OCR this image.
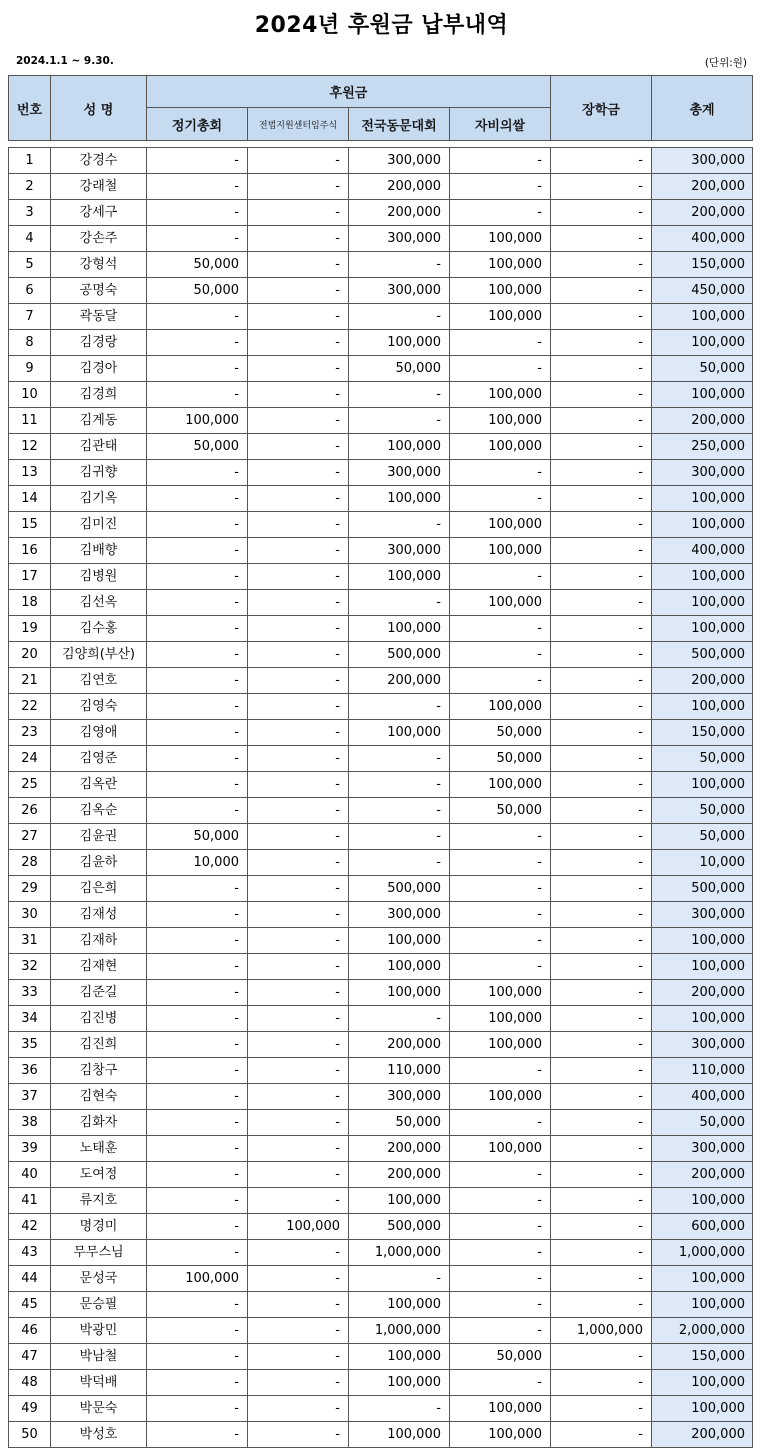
2024년 후원금 납부내역
2024.1.1 ~ 9.30.	(단위:원)
번호	성 명	후원금				장학금	총계
		정기총회	전법지원센터임주식	전국동문대회	자비의쌀		

1	강경수	-	-	300,000	-	-	300,000
2	강래철	-	-	200,000	-	-	200,000
3	강세구	-	-	200,000	-	-	200,000
4	강손주	-	-	300,000	100,000	-	400,000
5	강형석	50,000	-	-	100,000	-	150,000
6	공명숙	50,000	-	300,000	100,000	-	450,000
7	곽동달	-	-	-	100,000	-	100,000
8	김경랑	-	-	100,000	-	-	100,000
9	김경아	-	-	50,000	-	-	50,000
10	김경희	-	-	-	100,000	-	100,000
11	김계동	100,000	-	-	100,000	-	200,000
12	김관태	50,000	-	100,000	100,000	-	250,000
13	김귀향	-	-	300,000	-	-	300,000
14	김기옥	-	-	100,000	-	-	100,000
15	김미진	-	-	-	100,000	-	100,000
16	김배향	-	-	300,000	100,000	-	400,000
17	김병원	-	-	100,000	-	-	100,000
18	김선옥	-	-	-	100,000	-	100,000
19	김수홍	-	-	100,000	-	-	100,000
20	김양희(부산)	-	-	500,000	-	-	500,000
21	김연호	-	-	200,000	-	-	200,000
22	김영숙	-	-	-	100,000	-	100,000
23	김영애	-	-	100,000	50,000	-	150,000
24	김영준	-	-	-	50,000	-	50,000
25	김옥란	-	-	-	100,000	-	100,000
26	김옥순	-	-	-	50,000	-	50,000
27	김윤권	50,000	-	-	-	-	50,000
28	김윤하	10,000	-	-	-	-	10,000
29	김은희	-	-	500,000	-	-	500,000
30	김재성	-	-	300,000	-	-	300,000
31	김재하	-	-	100,000	-	-	100,000
32	김재현	-	-	100,000	-	-	100,000
33	김준길	-	-	100,000	100,000	-	200,000
34	김진병	-	-	-	100,000	-	100,000
35	김진희	-	-	200,000	100,000	-	300,000
36	김창구	-	-	110,000	-	-	110,000
37	김현숙	-	-	300,000	100,000	-	400,000
38	김화자	-	-	50,000	-	-	50,000
39	노태훈	-	-	200,000	100,000	-	300,000
40	도여정	-	-	200,000	-	-	200,000
41	류지호	-	-	100,000	-	-	100,000
42	명경미	-	100,000	500,000	-	-	600,000
43	무무스님	-	-	1,000,000	-	-	1,000,000
44	문성국	100,000	-	-	-	-	100,000
45	문승필	-	-	100,000	-	-	100,000
46	박광민	-	-	1,000,000	-	1,000,000	2,000,000
47	박남철	-	-	100,000	50,000	-	150,000
48	박덕배	-	-	100,000	-	-	100,000
49	박문숙	-	-	-	100,000	-	100,000
50	박성호	-	-	100,000	100,000	-	200,000
